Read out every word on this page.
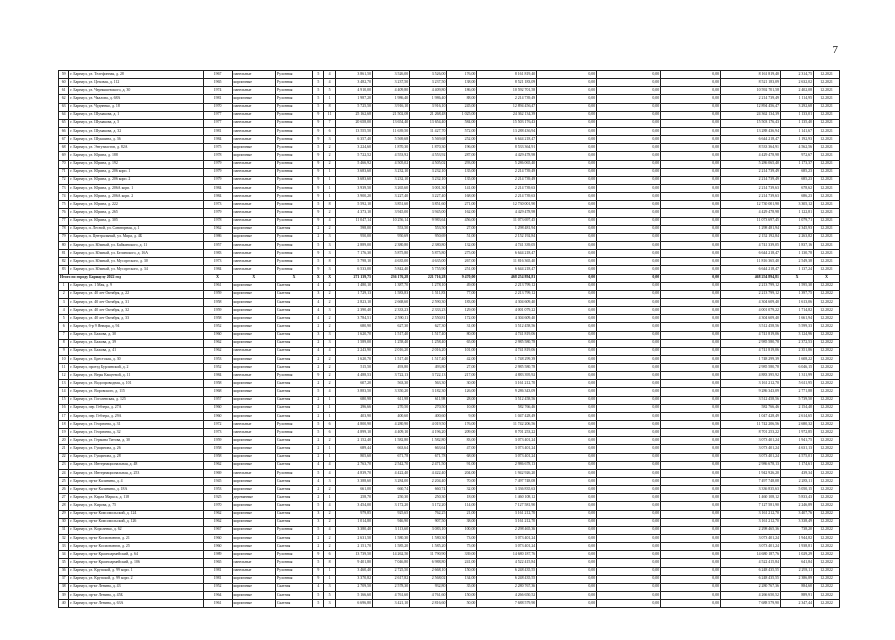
7
59	г. Барнаул, ул. Телефонная, д. 28	1967	панельные	Рулонная	5	4	3 861,50	3 526,00	3 526,00	176,00	8 161 819,40	0,00	0,00	0,00	8 161 819,40	2 314,75	12.2021
60	г. Барнаул, ул. Цеховая, д. 112	1965	кирпичные	Рулонная	5	4	3 482,70	3 237,50	3 237,50	138,00	8 521 183,09	0,00	0,00	0,00	8 521 183,09	2 632,02	12.2021
61	г. Барнаул, ул. Чернышевского, д. 30	1974	панельные	Рулонная	5	5	4 910,00	4 409,80	4 409,80	186,00	10 592 701,58	0,00	0,00	0,00	10 592 701,58	2 402,08	12.2021
62	г. Барнаул, ул. Чкалова, д. 68А	1981	кирпичные	Рулонная	5	1	1 987,20	1 986,40	1 986,40	88,00	2 214 739,49	0,00	0,00	0,00	2 214 739,49	1 114,95	12.2021
63	г. Барнаул, ул. Чудненко, д. 18	1970	панельные	Рулонная	5	8	5 725,50	3 916,10	3 916,10	245,00	12 894 456,47	0,00	0,00	0,00	12 894 456,47	3 292,68	12.2021
64	г. Барнаул, ул. Шумакова, д. 1	1977	панельные	Рулонная	9	11	25 162,68	21 502,08	21 268,48	1 025,00	24 362 134,39	0,00	0,00	0,00	24 362 134,39	1 133,01	12.2021
65	г. Барнаул, ул. Шумакова, д. 5	1977	панельные	Рулонная	9	7	20 658,00	13 654,40	13 654,40	584,00	15 503 176,43	0,00	0,00	0,00	15 503 176,43	1 135,40	12.2021
66	г. Барнаул, ул. Шумакова, д. 32	1981	панельные	Рулонная	9	6	13 555,50	11 639,50	11 427,70	572,00	13 288 436,94	0,00	0,00	0,00	13 288 436,94	1 141,67	12.2021
67	г. Барнаул, ул. Шукшина, д. 36	1984	панельные	Рулонная	9	3	6 357,40	5 569,68	5 569,68	252,00	6 644 218,47	0,00	0,00	0,00	6 644 218,47	1 192,93	12.2021
68	г. Барнаул, ул. Энтузиастов, д. 82А	1975	кирпичные	Рулонная	5	2	3 224,60	1 870,30	1 870,30	196,00	8 533 364,91	0,00	0,00	0,00	8 533 364,91	4 562,56	12.2021
69	г. Барнаул, ул. Юрина, д. 188	1978	кирпичные	Рулонная	9	2	5 722,52	4 553,92	4 553,92	287,00	4 429 478,98	0,00	0,00	0,00	4 429 478,98	972,67	12.2021
70	г. Барнаул, ул. Юрина, д. 192	1979	панельные	Рулонная	9	2	5 466,92	4 505,02	4 505,02	293,00	5 286 065,40	0,00	0,00	0,00	5 286 065,40	1 173,37	12.2021
71	г. Барнаул, ул. Юрина, д. 206 корп. 1	1979	панельные	Рулонная	9	1	3 683,60	3 232,10	3 232,10	135,00	2 214 739,49	0,00	0,00	0,00	2 214 739,49	685,23	12.2021
72	г. Барнаул, ул. Юрина, д. 206 корп. 2	1979	панельные	Рулонная	9	1	3 683,60	3 232,10	3 232,10	135,00	2 214 739,49	0,00	0,00	0,00	2 214 739,49	685,23	12.2021
73	г. Барнаул, ул. Юрина, д. 206А корп. 1	1984	панельные	Рулонная	9	1	3 939,50	3 265,60	3 001,30	141,00	2 214 739,63	0,00	0,00	0,00	2 214 739,63	678,62	12.2021
74	г. Барнаул, ул. Юрина, д. 206А корп. 2	1984	панельные	Рулонная	9	1	3 900,20	3 227,40	3 227,40	168,00	2 214 739,63	0,00	0,00	0,00	2 214 739,63	686,23	12.2021
75	г. Барнаул, ул. Юрина, д. 222	1973	панельные	Рулонная	5	8	5 592,10	3 851,60	3 851,60	271,00	12 730 001,90	0,00	0,00	0,00	12 730 001,90	3 305,12	12.2021
76	г. Барнаул, ул. Юрина, д. 265	1979	панельные	Рулонная	9	2	4 373,10	3 945,00	3 945,00	162,00	4 429 478,98	0,00	0,00	0,00	4 429 478,98	1 122,81	12.2021
77	г. Барнаул, ул. Юрина, д. 305	1978	панельные	Рулонная	9	4	11 047,14	10 256,14	9 983,64	456,00	11 073 697,45	0,00	0,00	0,00	11 073 697,45	1 079,71	12.2021
78	г. Барнаул, п. Лесной, ул. Санаторная, д. 1	1962	кирпичные	Скатная	2	2	598,00	553,50	553,50	27,00	1 298 481,94	0,00	0,00	0,00	1 298 481,94	2 345,93	12.2021
79	г. Барнаул, п. Центральный, ул. Мира, д. 4Б	1986	кирпичные	Рулонная	2	3	950,00	950,69	950,69	51,00	2 152 192,84	0,00	0,00	0,00	2 152 192,84	2 263,82	12.2021
80	г. Барнаул, р.п. Южный, ул. Байкинского, д. 11	1957	панельные	Рулонная	5	3	2 889,00	2 380,80	2 380,80	132,00	4 741 339,05	0,00	0,00	0,00	4 741 339,05	1 837,16	12.2021
81	г. Барнаул, р.п. Южный, ул. Белинского, д. 16А	1983	панельные	Рулонная	9	3	7 176,30	5 875,80	5 875,80	275,00	6 644 218,47	0,00	0,00	0,00	6 644 218,47	1 130,78	12.2021
82	г. Барнаул, р.п. Южный, ул. Мусоргского, д. 30	1973	панельные	Рулонная	5	8	5 798,10	4 635,00	4 635,00	267,00	11 816 365,40	0,00	0,00	0,00	11 816 365,40	2 549,38	12.2021
83	г. Барнаул, р.п. Южный, ул. Мусоргского, д. 34	1984	панельные	Рулонная	9	3	6 533,00	5 842,40	5 755,90	251,00	6 644 218,47	0,00	0,00	0,00	6 644 218,47	1 137,24	12.2021
Итого по городу Барнаулу 2022 год		X	X	X	X	X	271 139,75	236 176,28	221 716,28	9 470,00	468 254 894,81	0,00	0,00	0,00	468 254 894,81	X	X
1	г. Барнаул, ул. 1 Мая, д. 9	1961	кирпичные	Скатная	4	2	1 480,10	1 387,70	1 278,10	49,00	2 213 799,12	0,00	0,00	0,00	2 213 799,12	1 595,30	12.2022
2	г. Барнаул, ул. 40 лет Октября, д. 22	1959	кирпичные	Скатная	3	2	1 729,13	1 583,83	1 511,83	77,00	2 213 799,12	0,00	0,00	0,00	2 213 799,12	1 397,75	12.2022
3	г. Барнаул, ул. 40 лет Октября, д. 31	1958	кирпичные	Скатная	4	2	2 823,10	2 668,60	2 590,30	183,00	4 304 609,40	0,00	0,00	0,00	4 304 609,40	1 613,06	12.2022
4	г. Барнаул, ул. 40 лет Октября, д. 32	1959	кирпичные	Скатная	4	3	2 390,40	2 333,23	2 333,23	129,00	4 001 079,22	0,00	0,00	0,00	4 001 079,22	1 714,82	12.2022
5	г. Барнаул, ул. 40 лет Октября, д. 33	1958	кирпичные	Скатная	4	2	3 784,51	2 590,11	2 550,81	172,00	4 304 609,40	0,00	0,00	0,00	4 304 609,40	1 661,94	12.2022
6	г. Барнаул, б-р 9 Января, д. 94	1952	кирпичные	Скатная	2	2	680,90	627,30	627,30	31,00	3 512 458,56	0,00	0,00	0,00	3 512 458,56	5 599,33	12.2022
7	г. Барнаул, ул. Бажова, д. 30	1960	кирпичные	Скатная	3	3	1 620,70	1 517,40	1 517,40	80,00	4 741 819,06	0,00	0,00	0,00	4 741 819,06	3 124,96	12.2022
8	г. Барнаул, ул. Бажова, д. 39	1962	кирпичные	Скатная	2	3	1 589,00	1 258,40	1 258,40	65,00	2 985 580,78	0,00	0,00	0,00	2 985 580,78	2 372,53	12.2022
9	г. Барнаул, ул. Бажова, д. 41	1962	панельные	Скатная	4	4	2 243,90	2 016,20	2 016,20	101,00	4 741 819,06	0,00	0,00	0,00	4 741 819,06	2 351,86	12.2022
10	г. Барнаул, ул. Брестская, д. 30	1953	кирпичные	Скатная	2	2	1 620,70	1 517,40	1 517,40	42,00	1 748 299,39	0,00	0,00	0,00	1 748 299,39	1 608,22	12.2022
11	г. Барнаул, проезд Бурлинский, д. 2	1952	кирпичные	Скатная	2	2	515,50	493,80	493,80	27,00	2 985 580,78	0,00	0,00	0,00	2 985 580,78	6 046,15	12.2022
12	г. Барнаул, ул. Веры Кащеевой, д. 11	1984	панельные	Рулонная	9	2	4 488,53	3 722,13	3 722,13	217,00	4 883 395,92	0,00	0,00	0,00	4 883 395,92	1 311,99	12.2022
13	г. Барнаул, ул. Водопроводная, д. 101	1958	кирпичные	Скатная	2	2	607,20	563,30	563,30	30,00	3 161 212,70	0,00	0,00	0,00	3 161 212,70	5 611,95	12.2022
14	г. Барнаул, ул. Воровского, д. 115	1968	кирпичные	Скатная	5	4	3 883,50	3 350,20	3 182,30	126,00	9 286 343,09	0,00	0,00	0,00	9 286 343,09	2 771,88	12.2022
15	г. Барнаул, ул. Гоголевская, д. 125	1957	кирпичные	Скатная	2	1	680,98	611,98	611,98	28,00	3 512 458,56	0,00	0,00	0,00	3 512 458,56	5 739,50	12.2022
16	г. Барнаул, пер. Гебзера, д. 27А	1960	кирпичные	Скатная	2	1	296,66	270,50	270,50	10,00	582 766,46	0,00	0,00	0,00	582 766,46	2 154,40	12.2022
17	г. Барнаул, пер. Гебзера, д. 29А	1960	кирпичные	Скатная	2	1	403,90	400,60	400,60	9,00	1 047 428,49	0,00	0,00	0,00	1 047 428,49	2 614,65	12.2022
18	г. Барнаул, ул. Георгиева, д. 31	1972	панельные	Рулонная	5	6	4 800,90	4 280,90	4 019,50	176,00	11 742 206,56	0,00	0,00	0,00	11 742 206,56	2 680,32	12.2022
19	г. Барнаул, ул. Георгиева, д. 32	1973	панельные	Рулонная	5	6	4 899,10	4 409,10	4 196,20	209,00	8 701 253,22	0,00	0,00	0,00	8 701 253,22	1 972,85	12.2022
20	г. Барнаул, ул. Германа Титова, д. 30	1959	кирпичные	Скатная	2	2	2 152,40	1 582,80	1 582,80	83,00	3 073 401,24	0,00	0,00	0,00	3 073 401,24	1 941,75	12.2022
21	г. Барнаул, ул. Гущинова, д. 26	1958	кирпичные	Скатная	2	1	689,44	663,64	663,64	47,00	3 073 401,24	0,00	0,00	0,00	3 073 401,24	4 631,13	12.2022
22	г. Барнаул, ул. Гущинова, д. 28	1958	кирпичные	Скатная	2	1	805,60	671,78	671,78	68,00	3 073 401,24	0,00	0,00	0,00	3 073 401,24	4 575,01	12.2022
23	г. Барнаул, ул. Интернациональная, д. 48	1962	кирпичные	Скатная	4	4	2 763,70	2 542,70	2 471,50	91,00	2 986 678,13	0,00	0,00	0,00	2 986 678,13	1 174,61	12.2022
24	г. Барнаул, ул. Интернациональная, д. 253	1969	панельные	Рулонная	5	4	4 839,70	4 422,40	4 422,40	204,00	1 942 926,20	0,00	0,00	0,00	1 942 926,20	439,34	12.2022
25	г. Барнаул, пр-кт Калинина, д. 4	1945	кирпичные	Скатная	4	3	3 388,60	3 284,00	2 204,40	70,00	7 497 748,08	0,00	0,00	0,00	7 497 748,08	2 283,11	12.2022
26	г. Барнаул, пр-кт Калинина, д. 18А	1953	кирпичные	Скатная	2	2	661,00	660,74	660,74	32,00	3 336 835,63	0,00	0,00	0,00	3 336 835,63	5 050,15	12.2022
27	г. Барнаул, ул. Карла Маркса, д. 118	1925	деревянные	Скатная	2	1	258,70	250,30	250,30	18,00	1 460 108,12	0,00	0,00	0,00	1 460 108,12	5 833,43	12.2022
28	г. Барнаул, ул. Кирова, д. 75	1970	кирпичные	Скатная	5	4	3 454,00	3 172,20	3 172,20	114,00	7 127 581,90	0,00	0,00	0,00	7 127 581,90	2 246,89	12.2022
29	г. Барнаул, пр-кт Комсомольский, д. 124	1962	кирпичные	Скатная	3	2	979,85	925,65	762,25	21,00	3 161 212,70	0,00	0,00	0,00	3 161 212,70	3 407,76	12.2022
30	г. Барнаул, пр-кт Комсомольский, д. 126	1962	кирпичные	Скатная	3	2	1 014,80	946,90	907,50	38,00	3 161 212,70	0,00	0,00	0,00	3 161 212,70	3 338,49	12.2022
31	г. Барнаул, ул. Короленко, д. 62	1967	кирпичные	Рулонная	5	4	3 380,40	3 113,60	3 083,10	100,00	2 298 465,36	0,00	0,00	0,00	2 298 465,36	738,20	12.2022
32	г. Барнаул, пр-кт Космонавтов, д. 21	1960	кирпичные	Скатная	2	2	2 631,50	1 580,30	1 580,30	73,00	3 073 401,24	0,00	0,00	0,00	3 073 401,24	1 944,82	12.2022
33	г. Барнаул, пр-кт Космонавтов, д. 25	1960	кирпичные	Скатная	2	2	2 151,70	1 585,20	1 585,20	75,00	3 073 401,24	0,00	0,00	0,00	3 073 401,24	1 938,81	12.2022
34	г. Барнаул, пр-кт Красноармейский, д. 64	1989	кирпичные	Рулонная	9	6	13 739,50	14 262,50	11 790,90	339,00	14 680 187,76	0,00	0,00	0,00	14 680 187,76	1 029,29	12.2022
35	г. Барнаул, пр-кт Красноармейский, д. 106	1965	панельные	Рулонная	5	8	9 401,80	7 046,80	6 988,80	241,00	4 522 415,84	0,00	0,00	0,00	4 522 415,84	641,84	12.2022
36	г. Барнаул, ул. Крупской, д. 99 корп. 1	1981	панельные	Рулонная	9	1	3 460,40	2 725,50	2 668,10	150,00	6 248 435,55	0,00	0,00	0,00	6 248 435,55	2 293,11	12.2022
37	г. Барнаул, ул. Крупской, д. 99 корп. 2	1981	кирпичные	Рулонная	9	1	3 370,82	2 617,82	2 568,02	134,00	6 248 435,55	0,00	0,00	0,00	6 248 435,55	2 386,89	12.2022
38	г. Барнаул, пр-кт Ленина, д. 43	1952	кирпичные	Скатная	4	3	2 709,50	2 578,30	932,80	35,00	2 280 767,36	0,00	0,00	0,00	2 280 767,36	884,60	12.2022
39	г. Барнаул, пр-кт Ленина, д. 45Б	1964	кирпичные	Скатная	5	5	5 166,60	4 761,60	4 761,60	150,00	4 266 650,52	0,00	0,00	0,00	4 266 650,52	889,91	12.2022
40	г. Барнаул, пр-кт Ленина, д. 63А	1961	кирпичные	Скатная	5	3	6 696,80	3 421,10	2 816,60	50,00	7 688 579,90	0,00	0,00	0,00	7 688 579,90	2 347,44	12.2022
